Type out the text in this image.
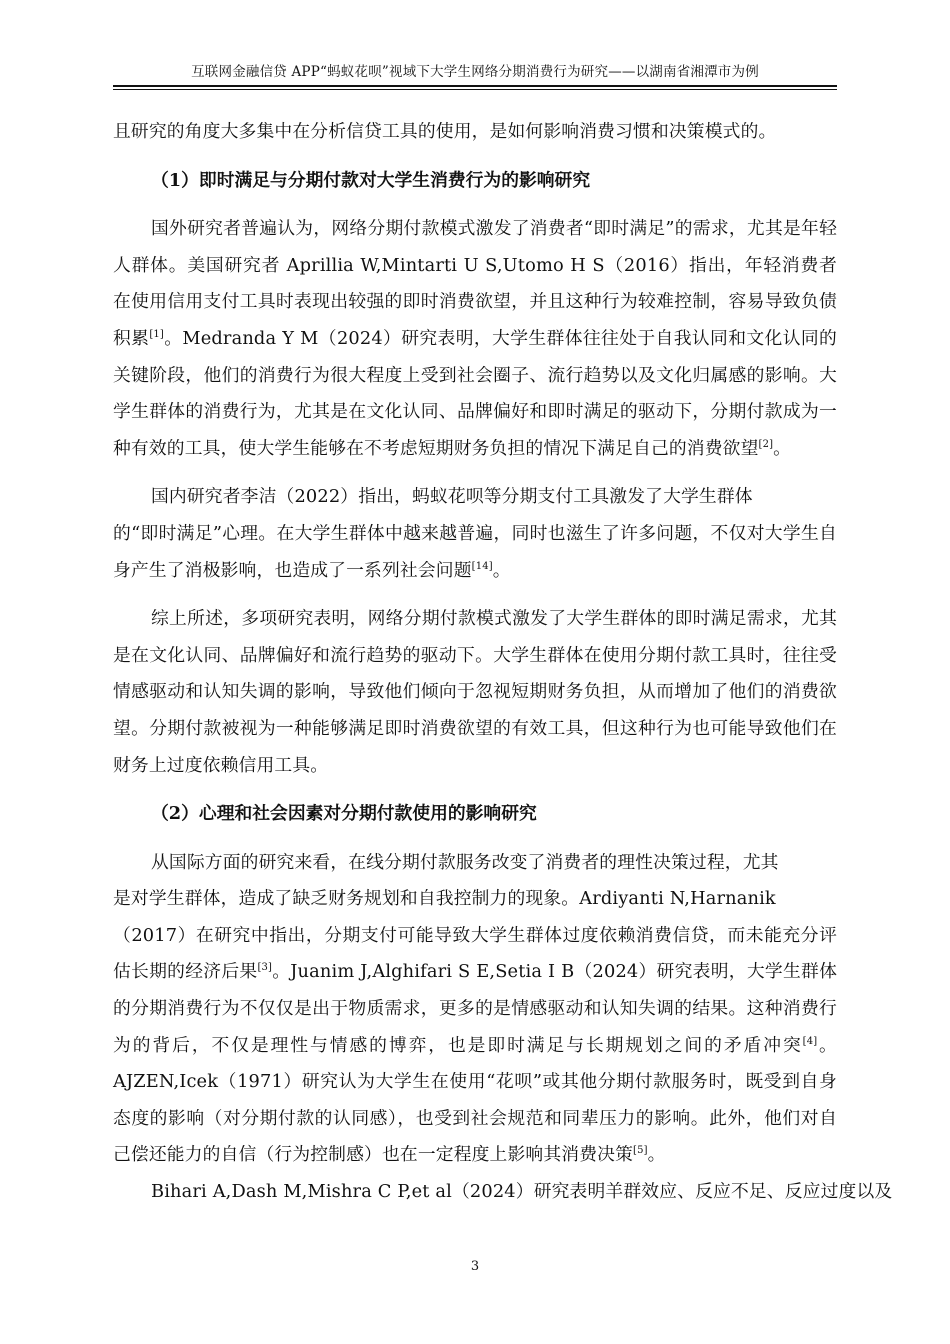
互联网金融信贷 APP“蚂蚁花呗”视域下大学生网络分期消费行为研究——以湖南省湘潭市为例

且研究的角度大多集中在分析信贷工具的使用，是如何影响消费习惯和决策模式的。

（1）即时满足与分期付款对大学生消费行为的影响研究

国外研究者普遍认为，网络分期付款模式激发了消费者“即时满足”的需求，尤其是年轻人群体。美国研究者 Aprillia W,Mintarti U S,Utomo H S（2016）指出，年轻消费者在使用信用支付工具时表现出较强的即时消费欲望，并且这种行为较难控制，容易导致负债积累[1]。Medranda Y M（2024）研究表明，大学生群体往往处于自我认同和文化认同的关键阶段，他们的消费行为很大程度上受到社会圈子、流行趋势以及文化归属感的影响。大学生群体的消费行为，尤其是在文化认同、品牌偏好和即时满足的驱动下，分期付款成为一种有效的工具，使大学生能够在不考虑短期财务负担的情况下满足自己的消费欲望[2]。

国内研究者李洁（2022）指出，蚂蚁花呗等分期支付工具激发了大学生群体
的“即时满足”心理。在大学生群体中越来越普遍，同时也滋生了许多问题，不仅对大学生自身产生了消极影响，也造成了一系列社会问题[14]。

综上所述，多项研究表明，网络分期付款模式激发了大学生群体的即时满足需求，尤其是在文化认同、品牌偏好和流行趋势的驱动下。大学生群体在使用分期付款工具时，往往受情感驱动和认知失调的影响，导致他们倾向于忽视短期财务负担，从而增加了他们的消费欲望。分期付款被视为一种能够满足即时消费欲望的有效工具，但这种行为也可能导致他们在财务上过度依赖信用工具。

（2）心理和社会因素对分期付款使用的影响研究

从国际方面的研究来看，在线分期付款服务改变了消费者的理性决策过程，尤其
是对学生群体，造成了缺乏财务规划和自我控制力的现象。Ardiyanti N,Harnanik
（2017）在研究中指出，分期支付可能导致大学生群体过度依赖消费信贷，而未能充分评估长期的经济后果[3]。Juanim J,Alghifari S E,Setia I B（2024）研究表明，大学生群体的分期消费行为不仅仅是出于物质需求，更多的是情感驱动和认知失调的结果。这种消费行为的背后，不仅是理性与情感的博弈，也是即时满足与长期规划之间的矛盾冲突[4]。AJZEN,Icek（1971）研究认为大学生在使用“花呗”或其他分期付款服务时，既受到自身态度的影响（对分期付款的认同感），也受到社会规范和同辈压力的影响。此外，他们对自己偿还能力的自信（行为控制感）也在一定程度上影响其消费决策[5]。
Bihari A,Dash M,Mishra C P,et al（2024）研究表明羊群效应、反应不足、反应过度以及

3
